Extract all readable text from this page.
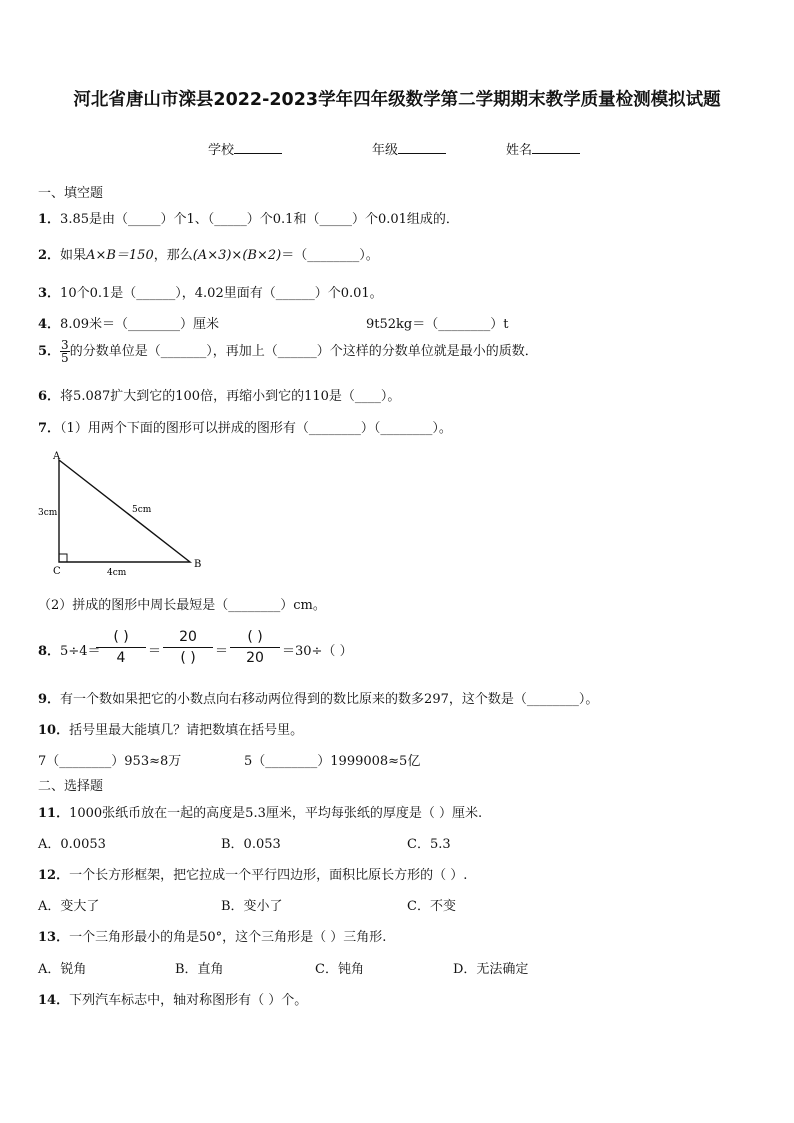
河北省唐山市滦县2022-2023学年四年级数学第二学期期末教学质量检测模拟试题
学校	年级	姓名
一、填空题
1．3.85是由（_____）个1、（_____）个0.1和（_____）个0.01组成的．
2．如果A×B＝150，那么(A×3)×(B×2)＝（________）。
3．10个0.1是（______），4.02里面有（______）个0.01。
4．8.09米＝（________）厘米	9t52kg＝（________）t
5． $\frac{3}{5}$ 的分数单位是（_______），再加上（______）个这样的分数单位就是最小的质数．
6．将5.087扩大到它的100倍，再缩小到它的110是（____）。
7．（1）用两个下面的图形可以拼成的图形有（________）（________）。
A
B
C
3cm	5cm
4cm
（2）拼成的图形中周长最短是（________）cm。
8．5÷4＝
( )
4	＝
20
( )	＝
( )
20	＝30÷（ ）
9．有一个数如果把它的小数点向右移动两位得到的数比原来的数多297，这个数是（________）。
10．括号里最大能填几？请把数填在括号里。
7（________）953≈8万	5（________）1999008≈5亿
二、选择题
11．1000张纸币放在一起的高度是5.3厘米，平均每张纸的厚度是（ ）厘米.
A．0.0053	B．0.053	C．5.3
12．一个长方形框架，把它拉成一个平行四边形，面积比原长方形的（ ）.
A．变大了	B．变小了	C．不变
13．一个三角形最小的角是50°，这个三角形是（ ）三角形.
A．锐角	B．直角	C．钝角	D．无法确定
14．下列汽车标志中，轴对称图形有（ ）个。
